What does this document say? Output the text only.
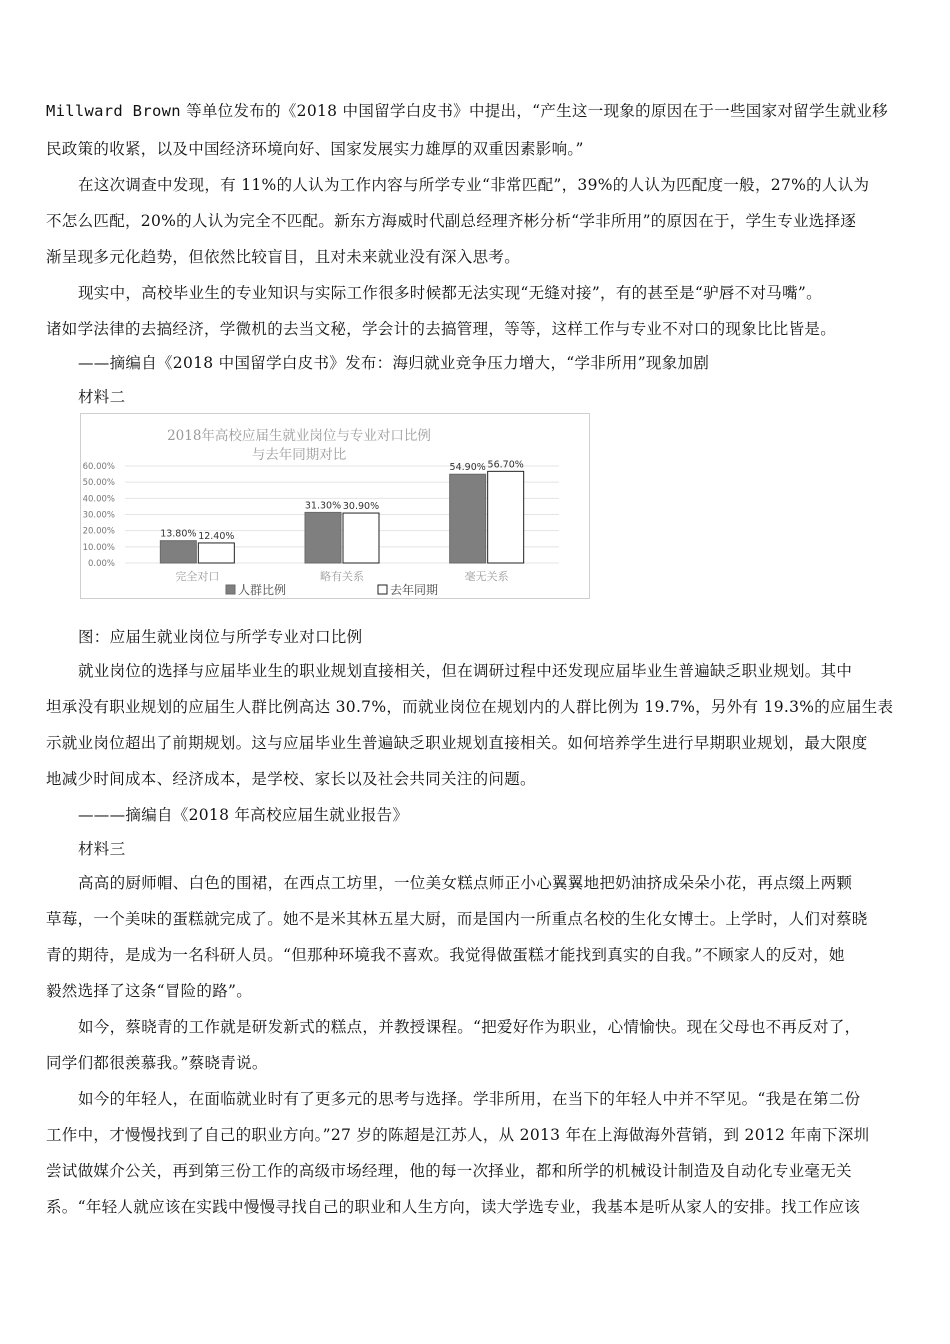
Millward Brown 等单位发布的《2018 中国留学白皮书》中提出，“产生这一现象的原因在于一些国家对留学生就业移
民政策的收紧，以及中国经济环境向好、国家发展实力雄厚的双重因素影响。”
在这次调查中发现，有 11%的人认为工作内容与所学专业“非常匹配”，39%的人认为匹配度一般，27%的人认为
不怎么匹配，20%的人认为完全不匹配。新东方海威时代副总经理齐彬分析“学非所用”的原因在于，学生专业选择逐
渐呈现多元化趋势，但依然比较盲目，且对未来就业没有深入思考。
现实中，高校毕业生的专业知识与实际工作很多时候都无法实现“无缝对接”，有的甚至是“驴唇不对马嘴”。
诸如学法律的去搞经济，学微机的去当文秘，学会计的去搞管理，等等，这样工作与专业不对口的现象比比皆是。
——摘编自《2018 中国留学白皮书》发布：海归就业竞争压力增大，“学非所用”现象加剧
材料二
2018年高校应届生就业岗位与专业对口比例
与去年同期对比
0.00%
10.00%
20.00%
30.00%
40.00%
50.00%
60.00%
13.80% 12.40%
完全对口
31.30% 30.90%
略有关系
54.90% 56.70%
毫无关系
人群比例	去年同期
图：应届生就业岗位与所学专业对口比例
就业岗位的选择与应届毕业生的职业规划直接相关，但在调研过程中还发现应届毕业生普遍缺乏职业规划。其中
坦承没有职业规划的应届生人群比例高达 30.7%，而就业岗位在规划内的人群比例为 19.7%，另外有 19.3%的应届生表
示就业岗位超出了前期规划。这与应届毕业生普遍缺乏职业规划直接相关。如何培养学生进行早期职业规划，最大限度
地减少时间成本、经济成本，是学校、家长以及社会共同关注的问题。
———摘编自《2018 年高校应届生就业报告》
材料三
高高的厨师帽、白色的围裙，在西点工坊里，一位美女糕点师正小心翼翼地把奶油挤成朵朵小花，再点缀上两颗
草莓，一个美味的蛋糕就完成了。她不是米其林五星大厨，而是国内一所重点名校的生化女博士。上学时，人们对蔡晓
青的期待，是成为一名科研人员。“但那种环境我不喜欢。我觉得做蛋糕才能找到真实的自我。”不顾家人的反对，她
毅然选择了这条“冒险的路”。
如今，蔡晓青的工作就是研发新式的糕点，并教授课程。“把爱好作为职业，心情愉快。现在父母也不再反对了，
同学们都很羡慕我。”蔡晓青说。
如今的年轻人，在面临就业时有了更多元的思考与选择。学非所用，在当下的年轻人中并不罕见。“我是在第二份
工作中，才慢慢找到了自己的职业方向。”27 岁的陈超是江苏人，从 2013 年在上海做海外营销，到 2012 年南下深圳
尝试做媒介公关，再到第三份工作的高级市场经理，他的每一次择业，都和所学的机械设计制造及自动化专业毫无关
系。“年轻人就应该在实践中慢慢寻找自己的职业和人生方向，读大学选专业，我基本是听从家人的安排。找工作应该
